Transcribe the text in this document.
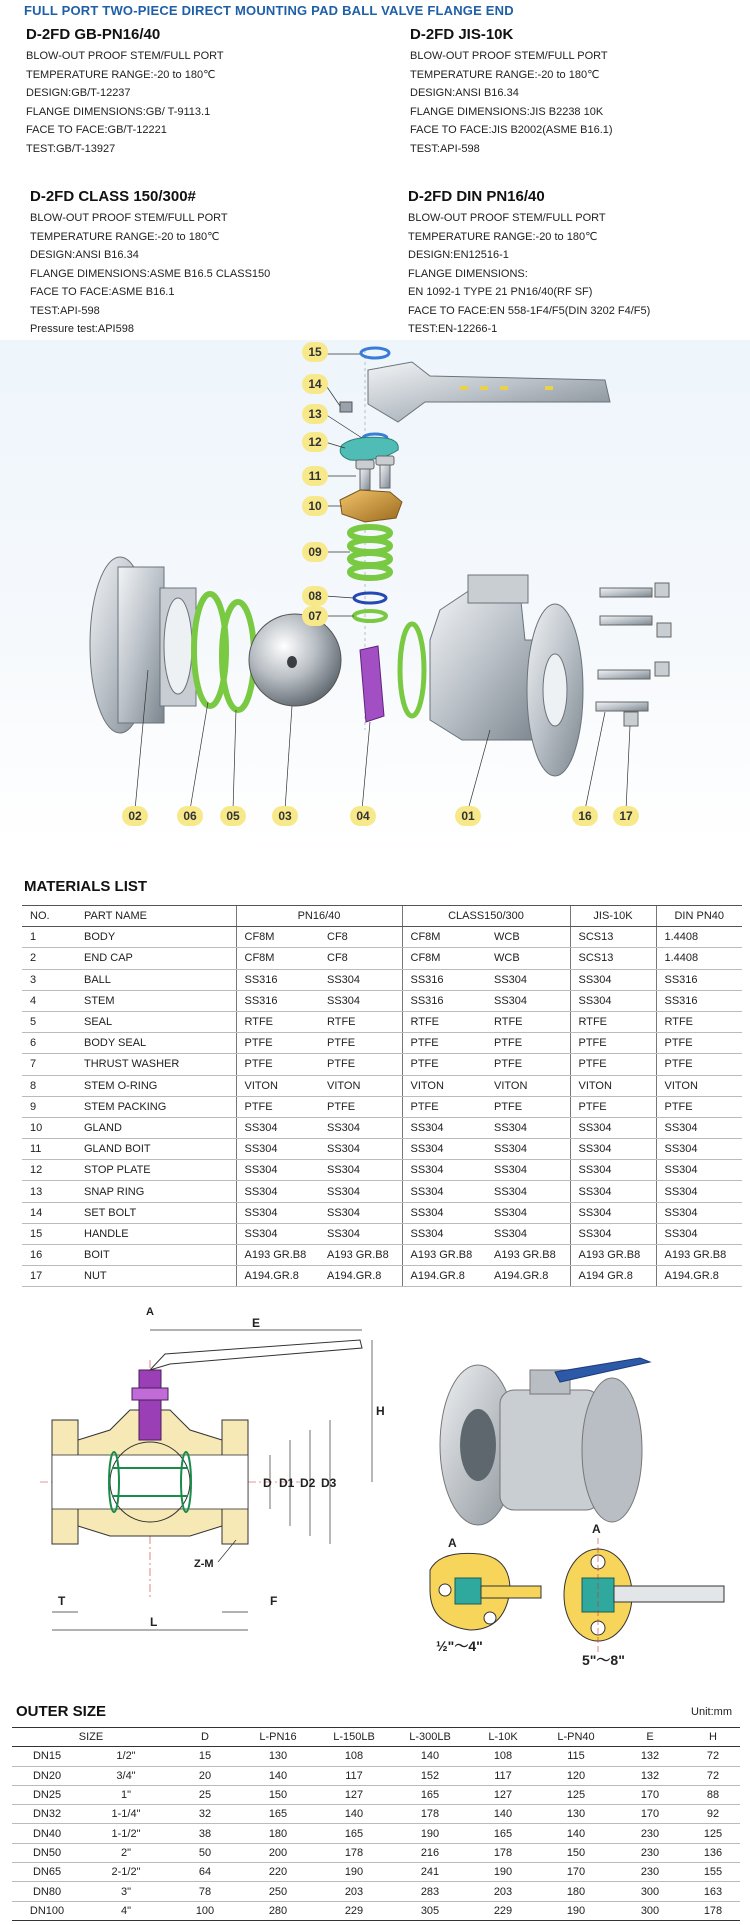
FULL PORT TWO-PIECE DIRECT MOUNTING PAD BALL VALVE FLANGE END
D-2FD GB-PN16/40
BLOW-OUT PROOF STEM/FULL PORT
TEMPERATURE RANGE:-20 to 180℃
DESIGN:GB/T-12237
FLANGE DIMENSIONS:GB/ T-9113.1
FACE TO FACE:GB/T-12221
TEST:GB/T-13927
D-2FD JIS-10K
BLOW-OUT PROOF STEM/FULL PORT
TEMPERATURE RANGE:-20 to 180℃
DESIGN:ANSI B16.34
FLANGE DIMENSIONS:JIS B2238 10K
FACE TO FACE:JIS B2002(ASME B16.1)
TEST:API-598
D-2FD CLASS 150/300#
BLOW-OUT PROOF STEM/FULL PORT
TEMPERATURE RANGE:-20 to 180℃
DESIGN:ANSI B16.34
FLANGE DIMENSIONS:ASME B16.5 CLASS150
FACE TO FACE:ASME B16.1
TEST:API-598
Pressure test:API598
D-2FD DIN PN16/40
BLOW-OUT PROOF STEM/FULL PORT
TEMPERATURE RANGE:-20 to 180℃
DESIGN:EN12516-1
FLANGE DIMENSIONS:
EN 1092-1 TYPE 21 PN16/40(RF SF)
FACE TO FACE:EN 558-1F4/F5(DIN 3202 F4/F5)
TEST:EN-12266-1
15
14
13
12
11
10
09
08
07
02	06	05	03	04	01	16	17
MATERIALS LIST
NO.	PART NAME	PN16/40		CLASS150/300		JIS-10K	DIN PN40
1	BODY	CF8M	CF8	CF8M	WCB	SCS13	1.4408
2	END CAP	CF8M	CF8	CF8M	WCB	SCS13	1.4408
3	BALL	SS316	SS304	SS316	SS304	SS304	SS316
4	STEM	SS316	SS304	SS316	SS304	SS304	SS316
5	SEAL	RTFE	RTFE	RTFE	RTFE	RTFE	RTFE
6	BODY SEAL	PTFE	PTFE	PTFE	PTFE	PTFE	PTFE
7	THRUST WASHER	PTFE	PTFE	PTFE	PTFE	PTFE	PTFE
8	STEM O-RING	VITON	VITON	VITON	VITON	VITON	VITON
9	STEM PACKING	PTFE	PTFE	PTFE	PTFE	PTFE	PTFE
10	GLAND	SS304	SS304	SS304	SS304	SS304	SS304
11	GLAND BOIT	SS304	SS304	SS304	SS304	SS304	SS304
12	STOP PLATE	SS304	SS304	SS304	SS304	SS304	SS304
13	SNAP RING	SS304	SS304	SS304	SS304	SS304	SS304
14	SET BOLT	SS304	SS304	SS304	SS304	SS304	SS304
15	HANDLE	SS304	SS304	SS304	SS304	SS304	SS304
16	BOIT	A193 GR.B8	A193 GR.B8	A193 GR.B8	A193 GR.B8	A193 GR.B8	A193 GR.B8
17	NUT	A194.GR.8	A194.GR.8	A194.GR.8	A194.GR.8	A194 GR.8	A194.GR.8
A
E
H
D D1 D2 D3
Z-M
T	F
L
A
A
½"～4"
5"～8"
OUTER SIZE	Unit:mm
SIZE		D	L-PN16	L-150LB	L-300LB	L-10K	L-PN40	E	H
DN15	1/2"	15	130	108	140	108	115	132	72
DN20	3/4"	20	140	117	152	117	120	132	72
DN25	1"	25	150	127	165	127	125	170	88
DN32	1-1/4"	32	165	140	178	140	130	170	92
DN40	1-1/2"	38	180	165	190	165	140	230	125
DN50	2"	50	200	178	216	178	150	230	136
DN65	2-1/2"	64	220	190	241	190	170	230	155
DN80	3"	78	250	203	283	203	180	300	163
DN100	4"	100	280	229	305	229	190	300	178
